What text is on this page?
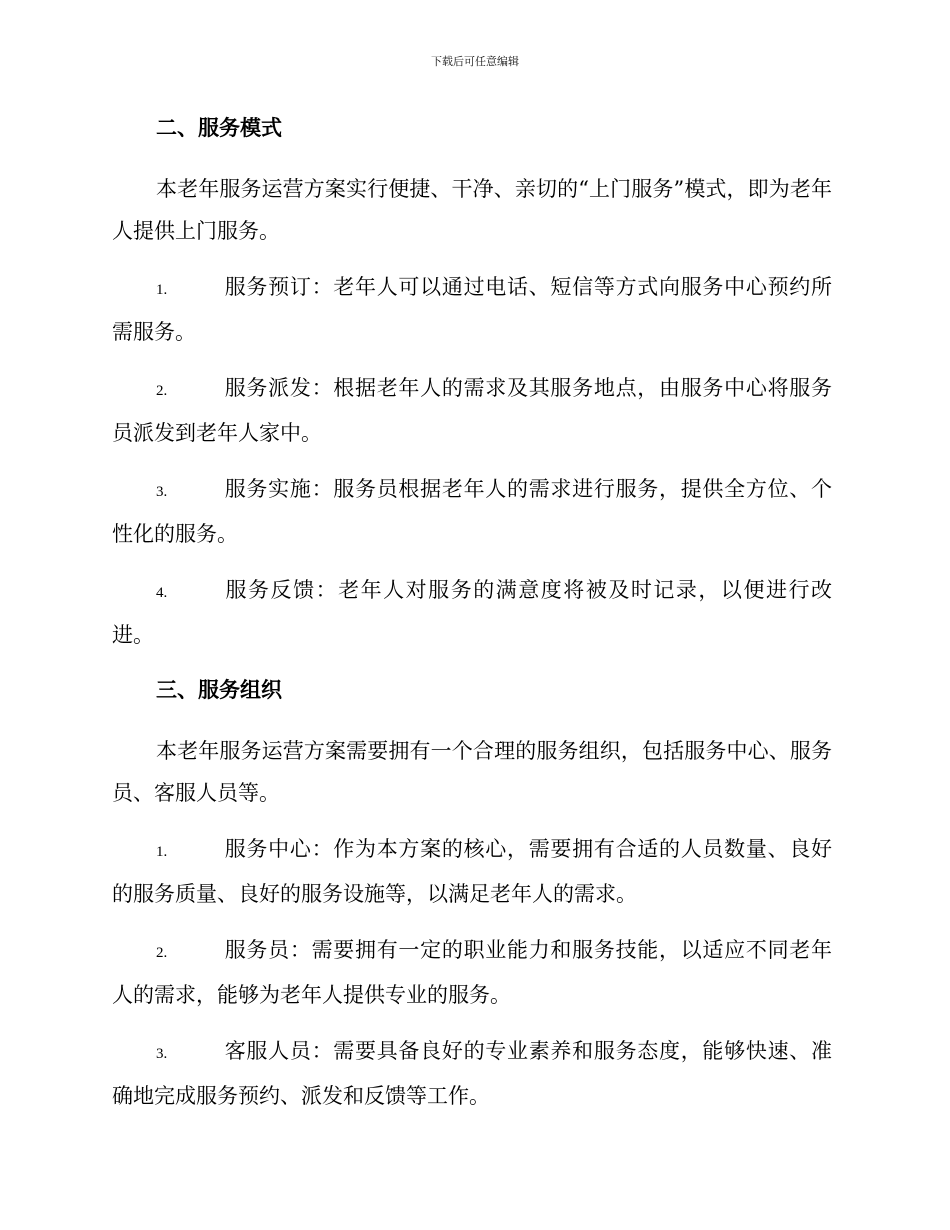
下载后可任意编辑
二、服务模式

本老年服务运营方案实行便捷、干净、亲切的“上门服务”模式，即为老年人提供上门服务。

1.	服务预订：老年人可以通过电话、短信等方式向服务中心预约所需服务。

2.	服务派发：根据老年人的需求及其服务地点，由服务中心将服务员派发到老年人家中。

3.	服务实施：服务员根据老年人的需求进行服务，提供全方位、个性化的服务。

4.	服务反馈：老年人对服务的满意度将被及时记录，以便进行改进。

三、服务组织

本老年服务运营方案需要拥有一个合理的服务组织，包括服务中心、服务员、客服人员等。

1.	服务中心：作为本方案的核心，需要拥有合适的人员数量、良好的服务质量、良好的服务设施等，以满足老年人的需求。

2.	服务员：需要拥有一定的职业能力和服务技能，以适应不同老年人的需求，能够为老年人提供专业的服务。

3.	客服人员：需要具备良好的专业素养和服务态度，能够快速、准确地完成服务预约、派发和反馈等工作。
